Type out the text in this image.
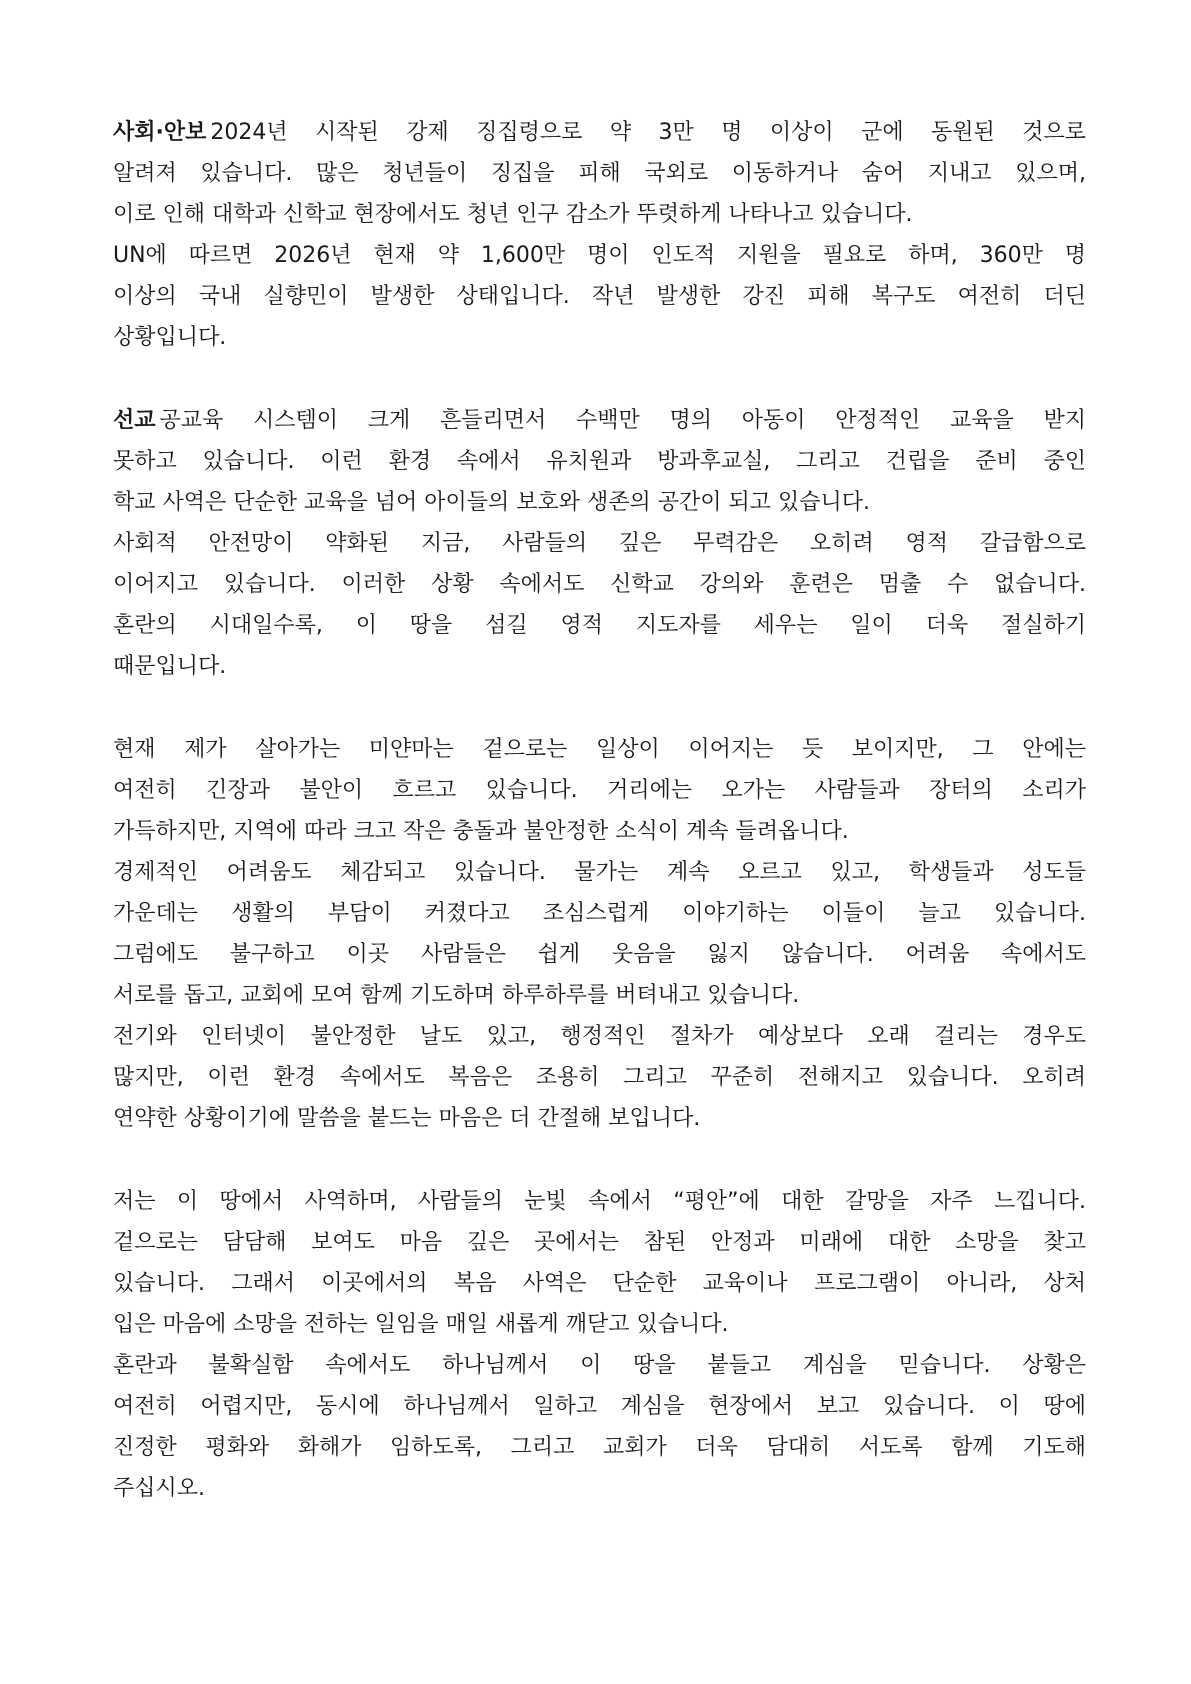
사회·안보 2024년 시작된 강제 징집령으로 약 3만 명 이상이 군에 동원된 것으로
알려져 있습니다. 많은 청년들이 징집을 피해 국외로 이동하거나 숨어 지내고 있으며,
이로 인해 대학과 신학교 현장에서도 청년 인구 감소가 뚜렷하게 나타나고 있습니다.
UN에 따르면 2026년 현재 약 1,600만 명이 인도적 지원을 필요로 하며, 360만 명
이상의 국내 실향민이 발생한 상태입니다. 작년 발생한 강진 피해 복구도 여전히 더딘
상황입니다.
선교 공교육 시스템이 크게 흔들리면서 수백만 명의 아동이 안정적인 교육을 받지
못하고 있습니다. 이런 환경 속에서 유치원과 방과후교실, 그리고 건립을 준비 중인
학교 사역은 단순한 교육을 넘어 아이들의 보호와 생존의 공간이 되고 있습니다.
사회적 안전망이 약화된 지금, 사람들의 깊은 무력감은 오히려 영적 갈급함으로
이어지고 있습니다. 이러한 상황 속에서도 신학교 강의와 훈련은 멈출 수 없습니다.
혼란의 시대일수록, 이 땅을 섬길 영적 지도자를 세우는 일이 더욱 절실하기
때문입니다.
현재 제가 살아가는 미얀마는 겉으로는 일상이 이어지는 듯 보이지만, 그 안에는
여전히 긴장과 불안이 흐르고 있습니다. 거리에는 오가는 사람들과 장터의 소리가
가득하지만, 지역에 따라 크고 작은 충돌과 불안정한 소식이 계속 들려옵니다.
경제적인 어려움도 체감되고 있습니다. 물가는 계속 오르고 있고, 학생들과 성도들
가운데는 생활의 부담이 커졌다고 조심스럽게 이야기하는 이들이 늘고 있습니다.
그럼에도 불구하고 이곳 사람들은 쉽게 웃음을 잃지 않습니다. 어려움 속에서도
서로를 돕고, 교회에 모여 함께 기도하며 하루하루를 버텨내고 있습니다.
전기와 인터넷이 불안정한 날도 있고, 행정적인 절차가 예상보다 오래 걸리는 경우도
많지만, 이런 환경 속에서도 복음은 조용히 그리고 꾸준히 전해지고 있습니다. 오히려
연약한 상황이기에 말씀을 붙드는 마음은 더 간절해 보입니다.
저는 이 땅에서 사역하며, 사람들의 눈빛 속에서 “평안”에 대한 갈망을 자주 느낍니다.
겉으로는 담담해 보여도 마음 깊은 곳에서는 참된 안정과 미래에 대한 소망을 찾고
있습니다. 그래서 이곳에서의 복음 사역은 단순한 교육이나 프로그램이 아니라, 상처
입은 마음에 소망을 전하는 일임을 매일 새롭게 깨닫고 있습니다.
혼란과 불확실함 속에서도 하나님께서 이 땅을 붙들고 계심을 믿습니다. 상황은
여전히 어렵지만, 동시에 하나님께서 일하고 계심을 현장에서 보고 있습니다. 이 땅에
진정한 평화와 화해가 임하도록, 그리고 교회가 더욱 담대히 서도록 함께 기도해
주십시오.
